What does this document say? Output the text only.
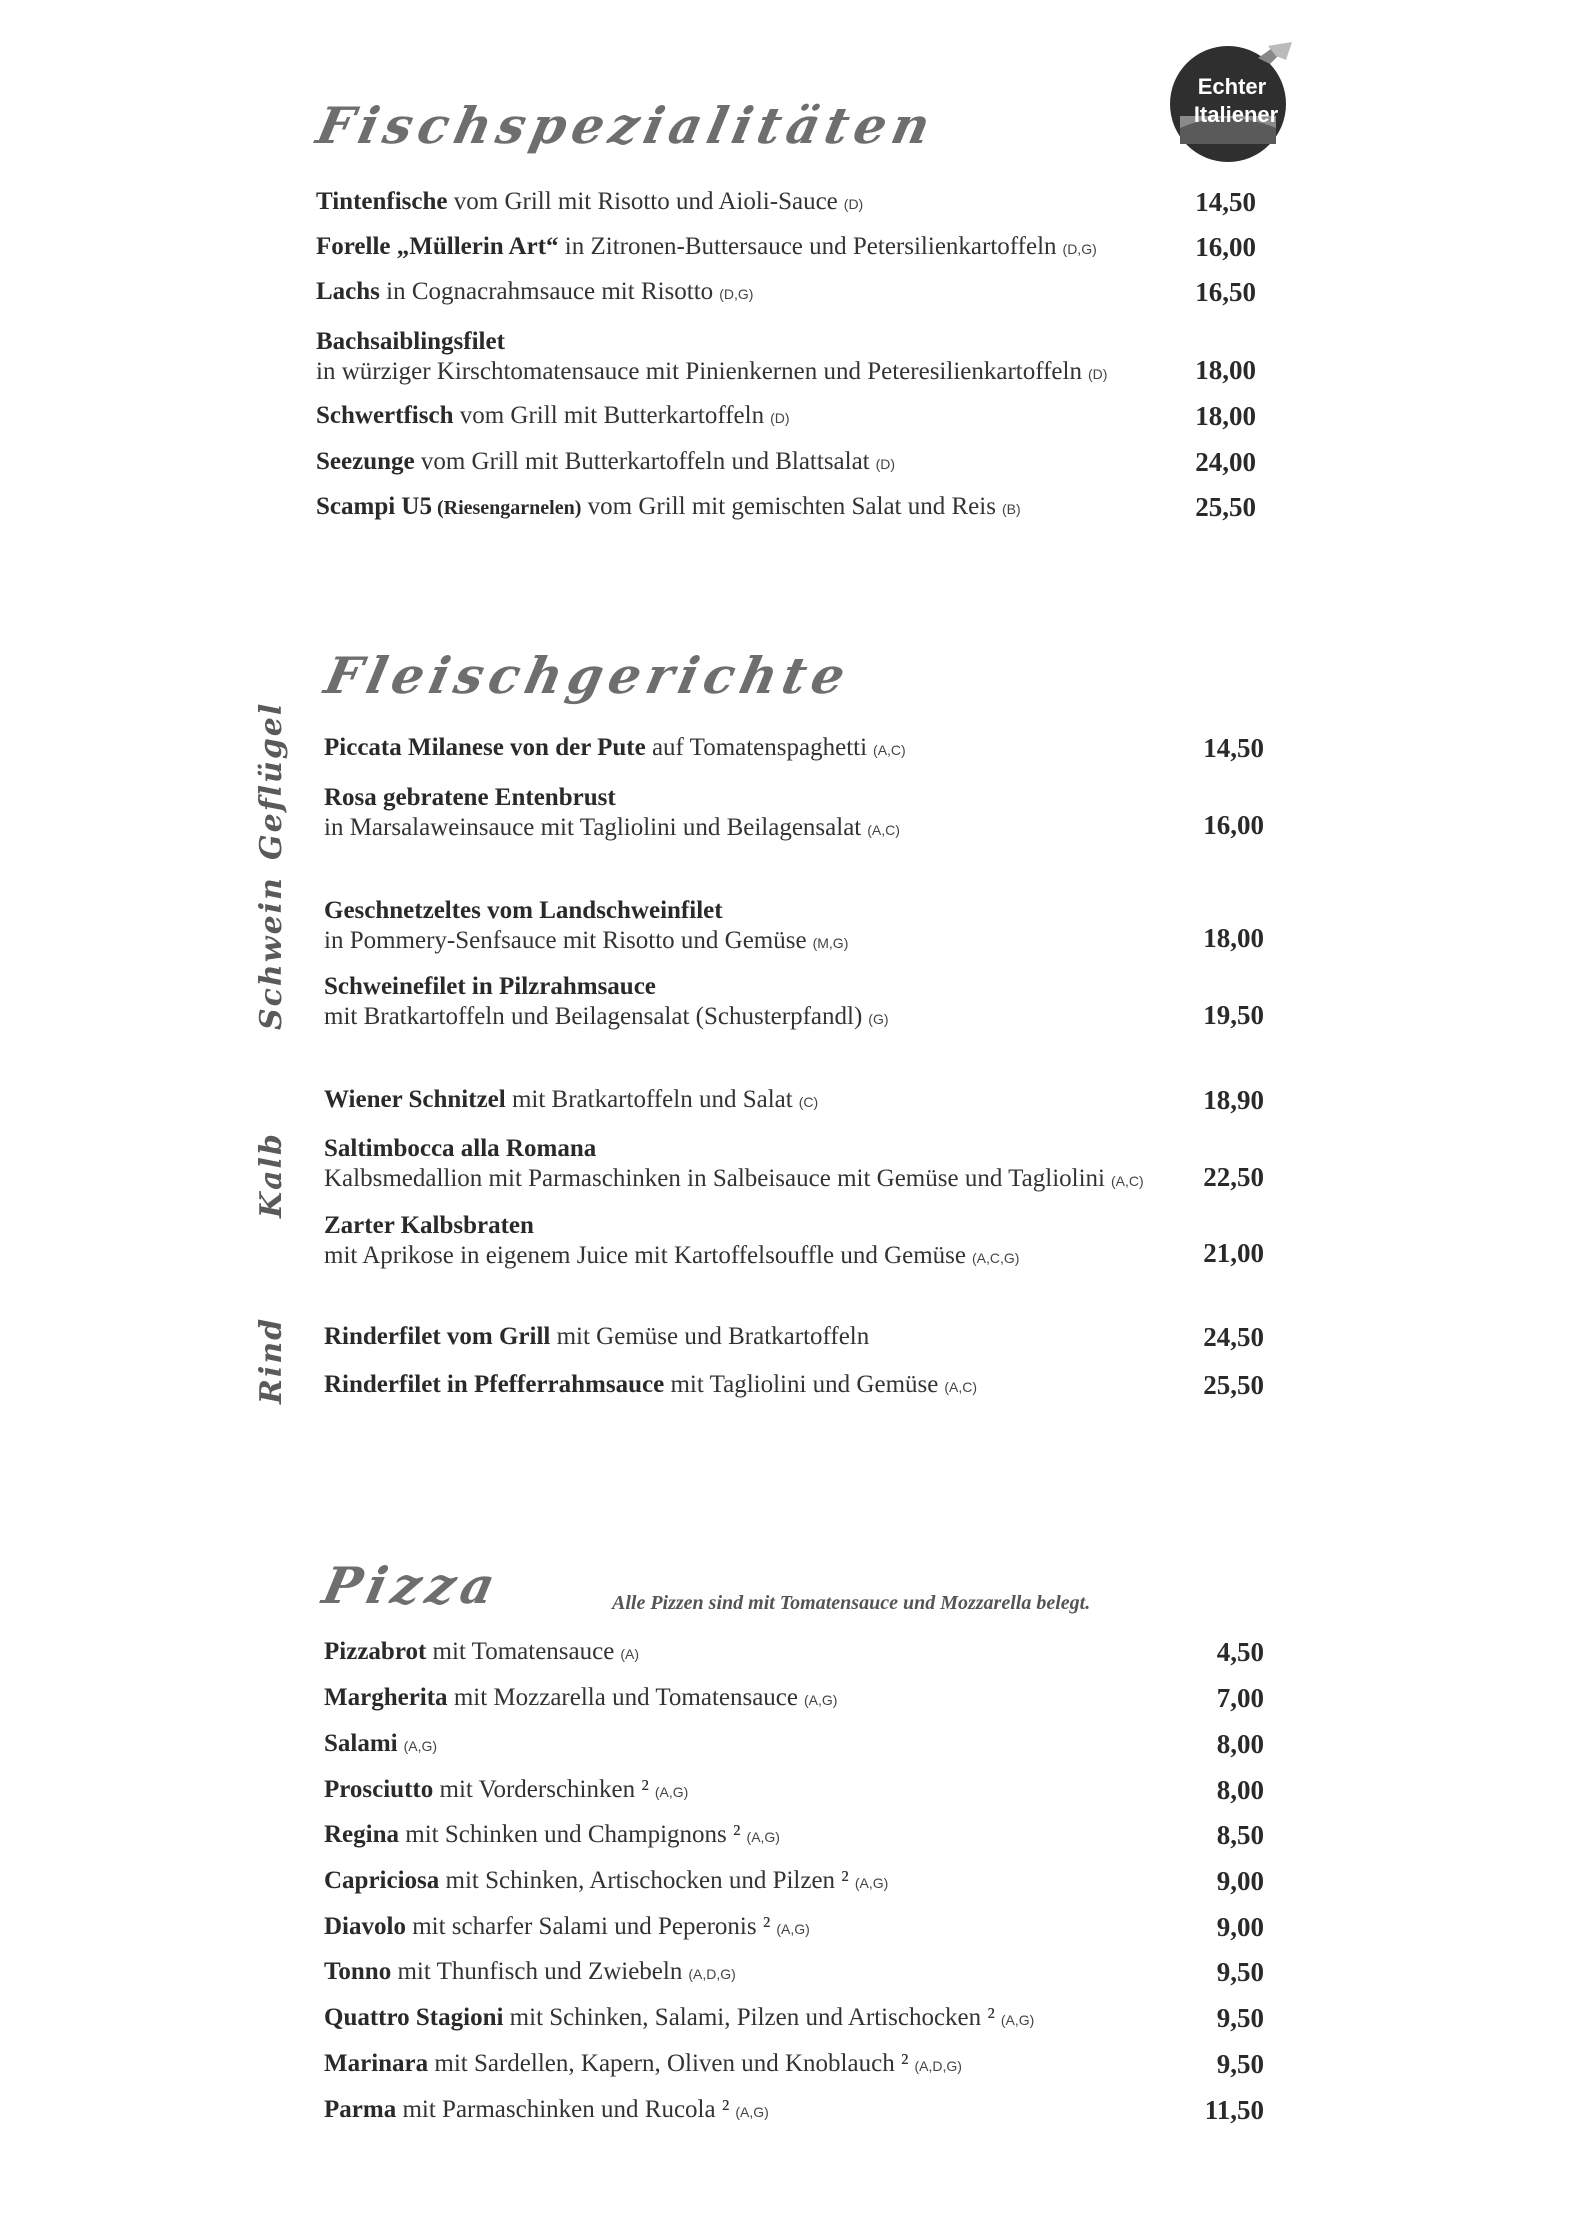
Echter
Italiener
Fischspezialitäten
Tintenfische vom Grill mit Risotto und Aioli-Sauce (D)	14,50
Forelle „Müllerin Art“ in Zitronen-Buttersauce und Petersilienkartoffeln (D,G)	16,00
Lachs in Cognacrahmsauce mit Risotto (D,G)	16,50
Bachsaiblingsfilet
in würziger Kirschtomatensauce mit Pinienkernen und Peteresilienkartoffeln (D)	18,00
Schwertfisch vom Grill mit Butterkartoffeln (D)	18,00
Seezunge vom Grill mit Butterkartoffeln und Blattsalat (D)	24,00
Scampi U5 (Riesengarnelen) vom Grill mit gemischten Salat und Reis (B)	25,50
Fleischgerichte
Geflügel
Schwein
Kalb
Rind
Piccata Milanese von der Pute auf Tomatenspaghetti (A,C)	14,50
Rosa gebratene Entenbrust
in Marsalaweinsauce mit Tagliolini und Beilagensalat (A,C)	16,00
Geschnetzeltes vom Landschweinfilet
in Pommery-Senfsauce mit Risotto und Gemüse (M,G)	18,00
Schweinefilet in Pilzrahmsauce
mit Bratkartoffeln und Beilagensalat (Schusterpfandl) (G)	19,50
Wiener Schnitzel mit Bratkartoffeln und Salat (C)	18,90
Saltimbocca alla Romana
Kalbsmedallion mit Parmaschinken in Salbeisauce mit Gemüse und Tagliolini (A,C)	22,50
Zarter Kalbsbraten
mit Aprikose in eigenem Juice mit Kartoffelsouffle und Gemüse (A,C,G)	21,00
Rinderfilet vom Grill mit Gemüse und Bratkartoffeln	24,50
Rinderfilet in Pfefferrahmsauce mit Tagliolini und Gemüse (A,C)	25,50
Pizza	Alle Pizzen sind mit Tomatensauce und Mozzarella belegt.
Pizzabrot mit Tomatensauce (A)	4,50
Margherita mit Mozzarella und Tomatensauce (A,G)	7,00
Salami (A,G)	8,00
Prosciutto mit Vorderschinken ² (A,G)	8,00
Regina mit Schinken und Champignons ² (A,G)	8,50
Capriciosa mit Schinken, Artischocken und Pilzen ² (A,G)	9,00
Diavolo mit scharfer Salami und Peperonis ² (A,G)	9,00
Tonno mit Thunfisch und Zwiebeln (A,D,G)	9,50
Quattro Stagioni mit Schinken, Salami, Pilzen und Artischocken ² (A,G)	9,50
Marinara mit Sardellen, Kapern, Oliven und Knoblauch ² (A,D,G)	9,50
Parma mit Parmaschinken und Rucola ² (A,G)	11,50
